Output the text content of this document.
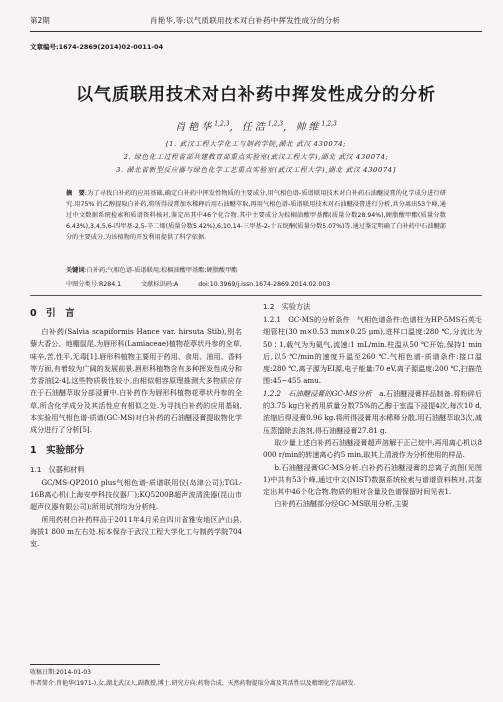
第2期	肖艳华,等:以气质联用技术对白补药中挥发性成分的分析
文章编号:1674-2869(2014)02-0011-04
以气质联用技术对白补药中挥发性成分的分析
肖艳华$^{1,2,3}$, 任浩$^{1,2,3}$, 帅维$^{1,2,3}$
[1. 武汉工程大学化工与制药学院,湖北 武汉 430074;
2. 绿色化工过程省部共建教育部重点实验室(武汉工程大学),湖北 武汉 430074;
3. 湖北省新型反应器与绿色化学工艺重点实验室(武汉工程大学),湖北 武汉 430074]
摘　要:为了寻找白补药的应用基础,确定白补药中挥发性物质的主要成分,用气相色谱-质谱联用技术对白补药石油醚浸膏的化学成分进行研究.用75% 的乙醇提取白补药,将所得浸膏加水稀释后用石油醚萃取,再用气相色谱-质谱联用技术对石油醚浸膏进行分析,共分离出53个峰,通过中文数据系统检索和质谱资料核对,鉴定出其中46个化合物.其中主要成分为棕榈油酸甲基酯(质量分数28.94%),硬脂酸甲酯(质量分数6.43%),3,4,5,6-四甲基-2,5-辛二烯(质量分数5.42%),6,10,14-三甲基-2-十五烷酮(质量分数5.07%)等.通过鉴定明确了白补药中石油醚部分的主要成分,为该植物的开发利用提供了科学依据.
关键词:白补药;气相色谱-质谱联用;棕榈油酸甲基酯;硬脂酸甲酯
中图分类号:R284.1	文献标识码:A	doi:10.3969/j.issn.1674-2869.2014.02.003
0　引　言

白补药(Salvia scapiformis Hance var. hirsuta Stib),别名藜大香公、地棚鼠尾,为唇形科(Lamiaceae)植物花葶状丹参的全草,味辛,苦,性平,无毒[1].唇形科植物主要用于药用、食用、油用、香料等方面,有着较为广阔的发展前景.唇形科植物含有多种挥发性成分和芳香油[2-4],这些物质极性较小,由相似相容原理推测大多物质应存在于石油醚萃取分部浸膏中.白补药作为唇形科植物花葶状丹参的全草,所含化学成分及其活性应有相似之处.为寻找白补药的应用基础,本实验用气相色谱-质谱(GC-MS)对白补药的石油醚浸膏提取物化学成分进行了分析[5].

1　实验部分
1.1　仪器和材料

GC/MS-QP2010 plus气相色谱-质谱联用仪(岛津公司);TGL-16B离心机(上海安亭科技仪器厂);KQ5200B超声波清洗器(昆山市超声仪器有限公司);所用试剂均为分析纯.

所用药材白补药样品于2011年4月采自四川省雅安地区泸山县,海拔1 800 m左右处.标本保存于武汉工程大学化工与制药学院704室.

1.2　实验方法

1.2.1　GC-MS的分析条件　 气相色谱条件:色谱柱为HP-5MS石英毛细管柱(30 m×0.53 mm×0.25 μm),进样口温度:280 ℃,分流比为50∶1,载气为为氦气,流速:1 mL/min.柱温从50 ℃开始,保持1 min后,以5 ℃/min的速度升温至260 ℃.气相色谱-质谱条件:接口温度:280 ℃,离子源为EI源,电子能量:70 eV,离子源温度:200 ℃,扫描范围:45~455 amu.

1.2.2　石油醚浸膏的GC-MS分析　 a.石油醚浸膏样品制备.将粉碎后的3.75 kg白补药用质量分数75%的乙醇于室温下浸提4次,每次10 d,浓缩后得浸膏0.96 kg.将所得浸膏用水稀释分散,用石油醚萃取3次,减压蒸馏除去溶剂,得石油醚浸膏27.81 g.

取少量上述白补药石油醚浸膏超声溶解于正己烷中,再用离心机以8 000 r/min的转速离心约5 min,取其上清液作为分析使用的样品.

b.石油醚浸膏GC-MS分析.白补药石油醚浸膏的总离子流图(见图1)中共有53个峰,通过中文(NIST)数据系统检索与谱谱资料核对,共鉴定出其中46个化合物.物质的相对含量及色谱保留时间见表1.

白补药石油醚部分经GC-MS联用分析,主要

收稿日期:2014-01-03
作者简介:肖艳华(1971-),女,湖北武汉人,副教授,博士.研究方向:药物合成、天然药物提取分离及其活性以及精细化学品研发.
